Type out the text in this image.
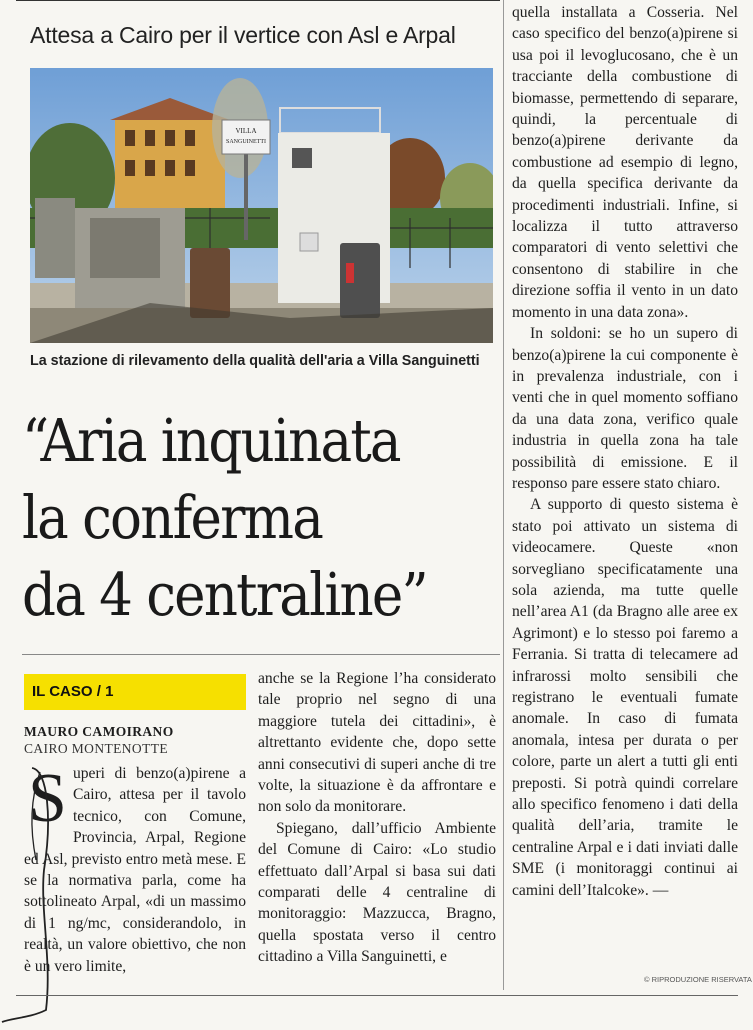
Attesa a Cairo per il vertice con Asl e Arpal
VILLA
SANGUINETTI
La stazione di rilevamento della qualità dell'aria a Villa Sanguinetti
“Aria inquinata
la conferma
da 4 centraline”
IL CASO / 1
MAURO CAMOIRANO
CAIRO MONTENOTTE
S uperi di benzo(a)pirene a Cairo, attesa per il tavolo tecnico, con Comune, Provincia, Arpal, Regione ed Asl, previsto entro metà mese. E se la normativa parla, come ha sottolineato Arpal, «di un massimo di 1 ng/mc, considerandolo, in realtà, un valore obiettivo, che non è un vero limite,

anche se la Regione l’ha considerato tale proprio nel segno di una maggiore tutela dei cittadini», è altrettanto evidente che, dopo sette anni consecutivi di superi anche di tre volte, la situazione è da affrontare e non solo da monitorare.

Spiegano, dall’ufficio Ambiente del Comune di Cairo: «Lo studio effettuato dall’Arpal si basa sui dati comparati delle 4 centraline di monitoraggio: Mazzucca, Bragno, quella spostata verso il centro cittadino a Villa Sanguinetti, e

quella installata a Cosseria. Nel caso specifico del benzo(a)pirene si usa poi il levoglucosano, che è un tracciante della combustione di biomasse, permettendo di separare, quindi, la percentuale di benzo(a)pirene derivante da combustione ad esempio di legno, da quella specifica derivante da procedimenti industriali. Infine, si localizza il tutto attraverso comparatori di vento selettivi che consentono di stabilire in che direzione soffia il vento in un dato momento in una data zona».

In soldoni: se ho un supero di benzo(a)pirene la cui componente è in prevalenza industriale, con i venti che in quel momento soffiano da una data zona, verifico quale industria in quella zona ha tale possibilità di emissione. E il responso pare essere stato chiaro.

A supporto di questo sistema è stato poi attivato un sistema di videocamere. Queste «non sorvegliano specificatamente una sola azienda, ma tutte quelle nell’area A1 (da Bragno alle aree ex Agrimont) e lo stesso poi faremo a Ferrania. Si tratta di telecamere ad infrarossi molto sensibili che registrano le eventuali fumate anomale. In caso di fumata anomala, intesa per durata o per colore, parte un alert a tutti gli enti preposti. Si potrà quindi correlare allo specifico fenomeno i dati della qualità dell’aria, tramite le centraline Arpal e i dati inviati dalle SME (i monitoraggi continui ai camini dell’Italcoke». —

© RIPRODUZIONE RISERVATA
